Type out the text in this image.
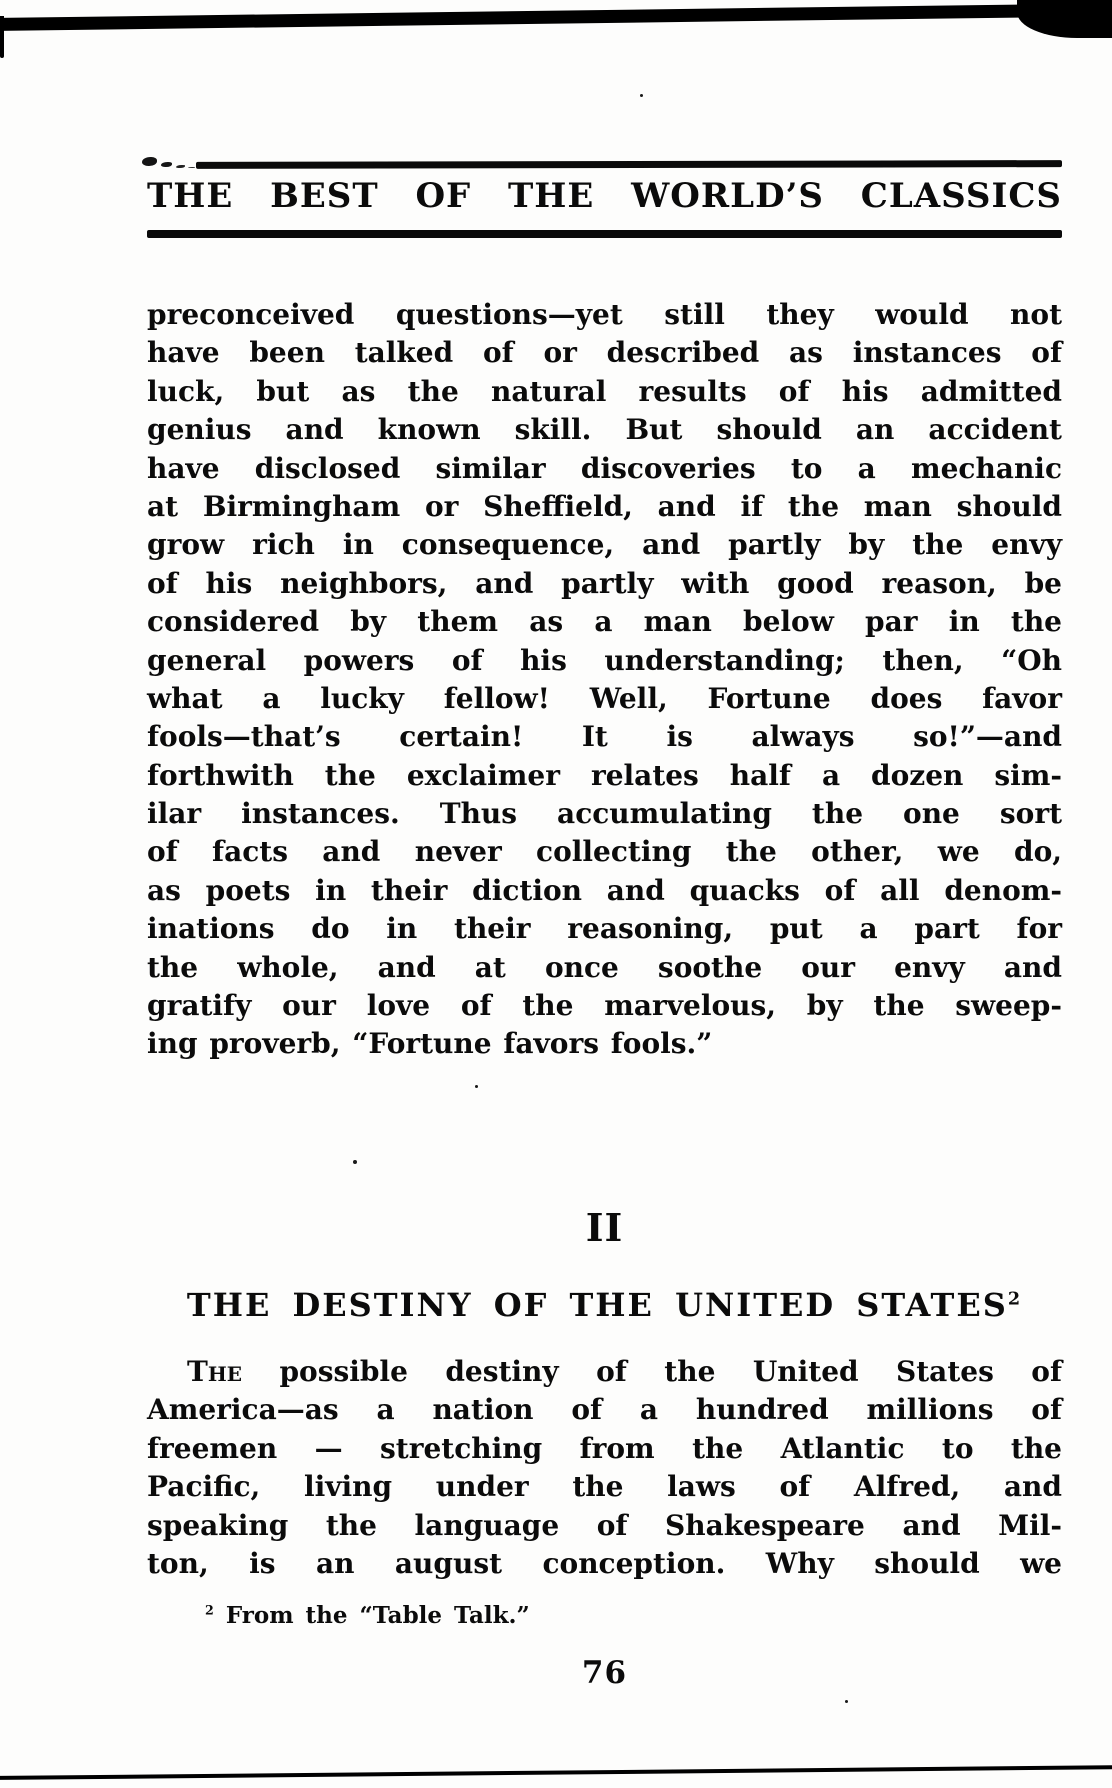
THE BEST OF THE WORLD’S CLASSICS
preconceived questions—yet still they would not
have been talked of or described as instances of
luck, but as the natural results of his admitted
genius and known skill. But should an accident
have disclosed similar discoveries to a mechanic
at Birmingham or Sheffield, and if the man should
grow rich in consequence, and partly by the envy
of his neighbors, and partly with good reason, be
considered by them as a man below par in the
general powers of his understanding; then, “Oh
what a lucky fellow! Well, Fortune does favor
fools—that’s certain! It is always so!”—and
forthwith the exclaimer relates half a dozen sim-
ilar instances. Thus accumulating the one sort
of facts and never collecting the other, we do,
as poets in their diction and quacks of all denom-
inations do in their reasoning, put a part for
the whole, and at once soothe our envy and
gratify our love of the marvelous, by the sweep-
ing proverb, “Fortune favors fools.”
II
THE DESTINY OF THE UNITED STATES$^2$
The possible destiny of the United States of
America—as a nation of a hundred millions of
freemen — stretching from the Atlantic to the
Pacific, living under the laws of Alfred, and
speaking the language of Shakespeare and Mil-
ton, is an august conception. Why should we
$^2$ From the “Table Talk.”
76
